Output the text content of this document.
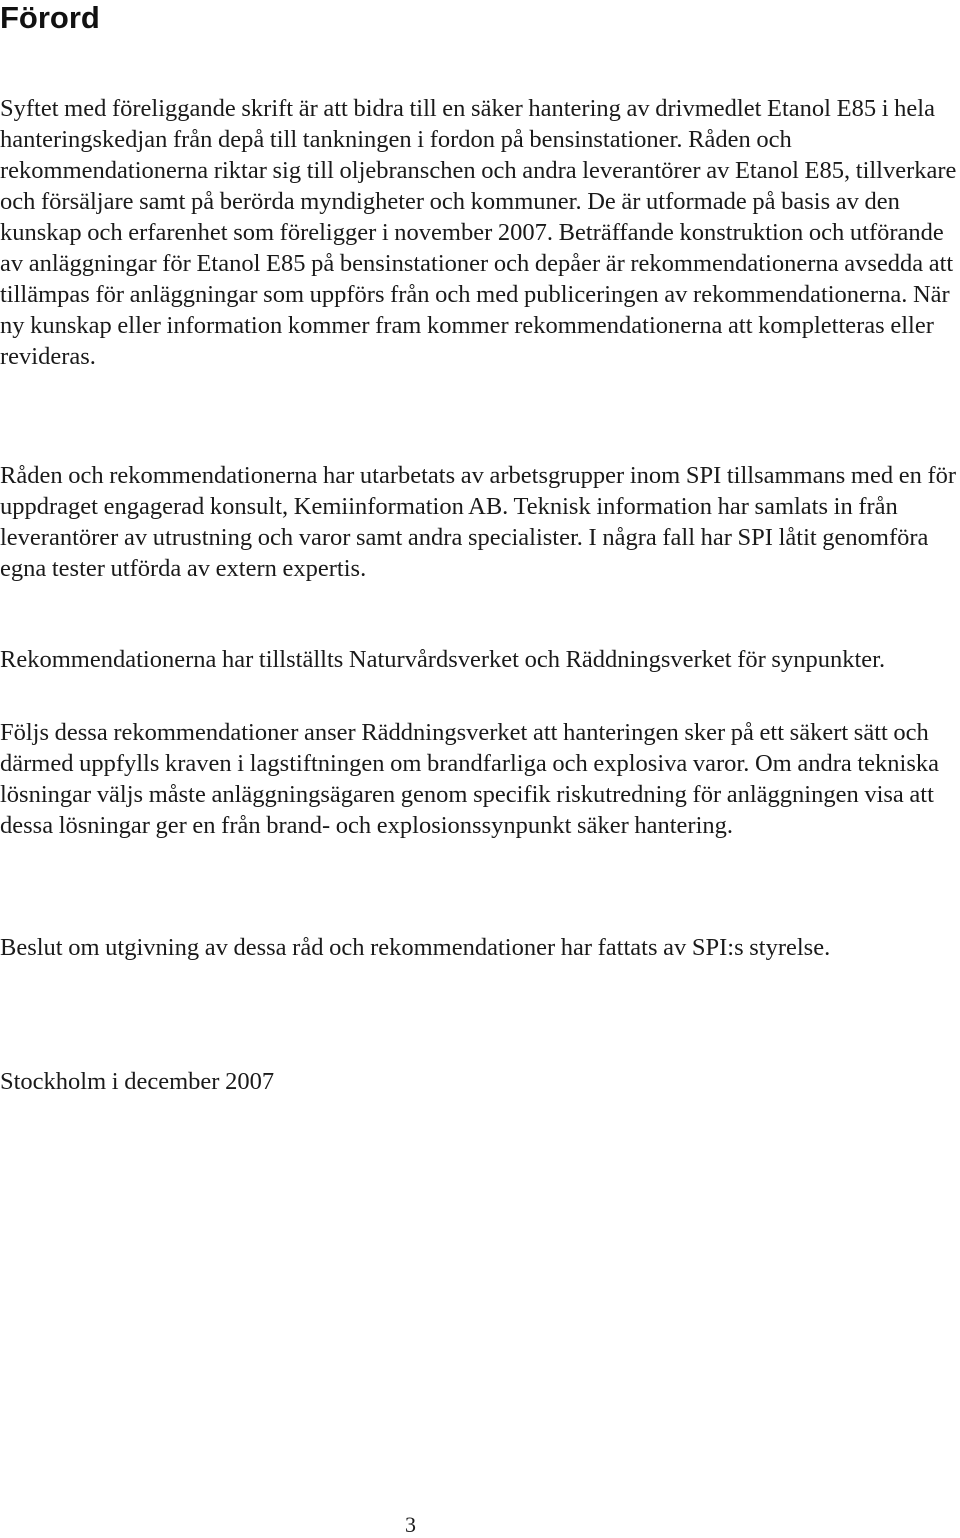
Förord

Syftet med föreliggande skrift är att bidra till en säker hantering av drivmedlet Etanol E85 i hela hanteringskedjan från depå till tankningen i fordon på bensinstationer. Råden och rekommendationerna riktar sig till oljebranschen och andra leverantörer av Etanol E85, tillverkare och försäljare samt på berörda myndigheter och kommuner. De är utformade på basis av den kunskap och erfarenhet som föreligger i november 2007. Beträffande konstruktion och utförande av anläggningar för Etanol E85 på bensinstationer och depåer är rekommendationerna avsedda att tillämpas för anläggningar som uppförs från och med publiceringen av rekommendationerna. När ny kunskap eller information kommer fram kommer rekommendationerna att kompletteras eller revideras.

Råden och rekommendationerna har utarbetats av arbetsgrupper inom SPI tillsammans med en för uppdraget engagerad konsult, Kemiinformation AB. Teknisk information har samlats in från leverantörer av utrustning och varor samt andra specialister. I några fall har SPI låtit genomföra egna tester utförda av extern expertis.

Rekommendationerna har tillställts Naturvårdsverket och Räddningsverket för synpunkter.

Följs dessa rekommendationer anser Räddningsverket att hanteringen sker på ett säkert sätt och därmed uppfylls kraven i lagstiftningen om brandfarliga och explosiva varor. Om andra tekniska lösningar väljs måste anläggningsägaren genom specifik riskutredning för anläggningen visa att dessa lösningar ger en från brand- och explosionssynpunkt säker hantering.

Beslut om utgivning av dessa råd och rekommendationer har fattats av SPI:s styrelse.

Stockholm i december 2007

3
